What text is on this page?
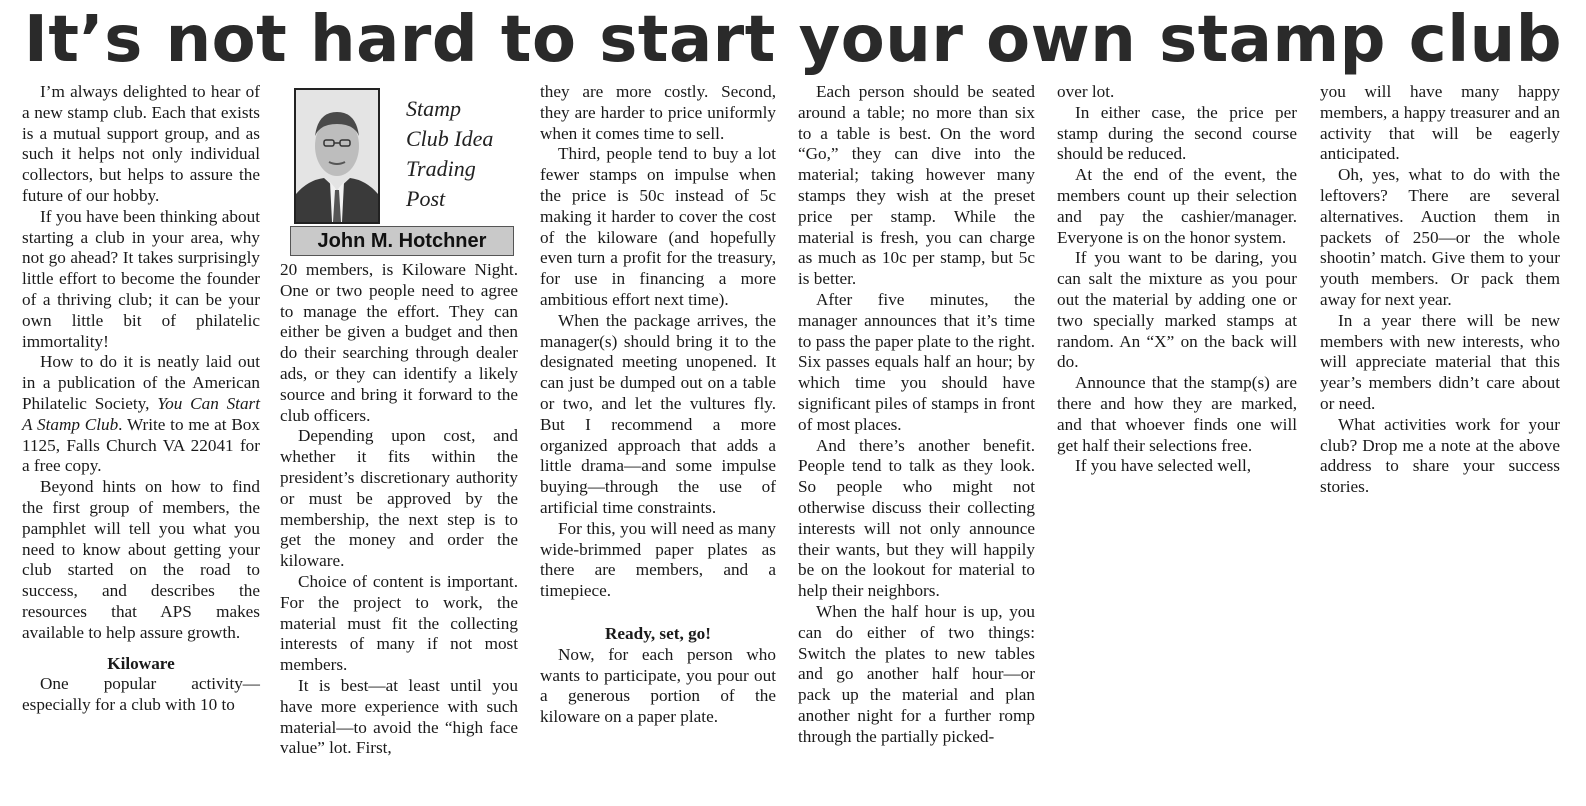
It’s not hard to start your own stamp club

I’m always delighted to hear of a new stamp club. Each that exists is a mutual support group, and as such it helps not only individual collectors, but helps to assure the future of our hobby.

If you have been thinking about starting a club in your area, why not go ahead? It takes surprisingly little effort to become the founder of a thriving club; it can be your own little bit of philatelic immortality!

How to do it is neatly laid out in a publication of the American Philatelic Society, You Can Start A Stamp Club. Write to me at Box 1125, Falls Church VA 22041 for a free copy.

Beyond hints on how to find the first group of members, the pamphlet will tell you what you need to know about getting your club started on the road to success, and describes the resources that APS makes available to help assure growth.

Kiloware

One popular activity—especially for a club with 10 to

Stamp
Club Idea
Trading
Post
John M. Hotchner

20 members, is Kiloware Night. One or two people need to agree to manage the effort. They can either be given a budget and then do their searching through dealer ads, or they can identify a likely source and bring it forward to the club officers.

Depending upon cost, and whether it fits within the president’s discretionary authority or must be approved by the membership, the next step is to get the money and order the kiloware.

Choice of content is important. For the project to work, the material must fit the collecting interests of many if not most members.

It is best—at least until you have more experience with such material—to avoid the “high face value” lot. First,

they are more costly. Second, they are harder to price uniformly when it comes time to sell.

Third, people tend to buy a lot fewer stamps on impulse when the price is 50c instead of 5c making it harder to cover the cost of the kiloware (and hopefully even turn a profit for the treasury, for use in financing a more ambitious effort next time).

When the package arrives, the manager(s) should bring it to the designated meeting unopened. It can just be dumped out on a table or two, and let the vultures fly. But I recommend a more organized approach that adds a little drama—and some impulse buying—through the use of artificial time constraints.

For this, you will need as many wide-brimmed paper plates as there are members, and a timepiece.

Ready, set, go!

Now, for each person who wants to participate, you pour out a generous portion of the kiloware on a paper plate.

Each person should be seated around a table; no more than six to a table is best. On the word “Go,” they can dive into the material; taking however many stamps they wish at the preset price per stamp. While the material is fresh, you can charge as much as 10c per stamp, but 5c is better.

After five minutes, the manager announces that it’s time to pass the paper plate to the right. Six passes equals half an hour; by which time you should have significant piles of stamps in front of most places.

And there’s another benefit. People tend to talk as they look. So people who might not otherwise discuss their collecting interests will not only announce their wants, but they will happily be on the lookout for material to help their neighbors.

When the half hour is up, you can do either of two things: Switch the plates to new tables and go another half hour—or pack up the material and plan another night for a further romp through the partially picked-

over lot.

In either case, the price per stamp during the second course should be reduced.

At the end of the event, the members count up their selection and pay the cashier/manager. Everyone is on the honor system.

If you want to be daring, you can salt the mixture as you pour out the material by adding one or two specially marked stamps at random. An “X” on the back will do.

Announce that the stamp(s) are there and how they are marked, and that whoever finds one will get half their selections free.

If you have selected well,

you will have many happy members, a happy treasurer and an activity that will be eagerly anticipated.

Oh, yes, what to do with the leftovers? There are several alternatives. Auction them in packets of 250—or the whole shootin’ match. Give them to your youth members. Or pack them away for next year.

In a year there will be new members with new interests, who will appreciate material that this year’s members didn’t care about or need.

What activities work for your club? Drop me a note at the above address to share your success stories.
